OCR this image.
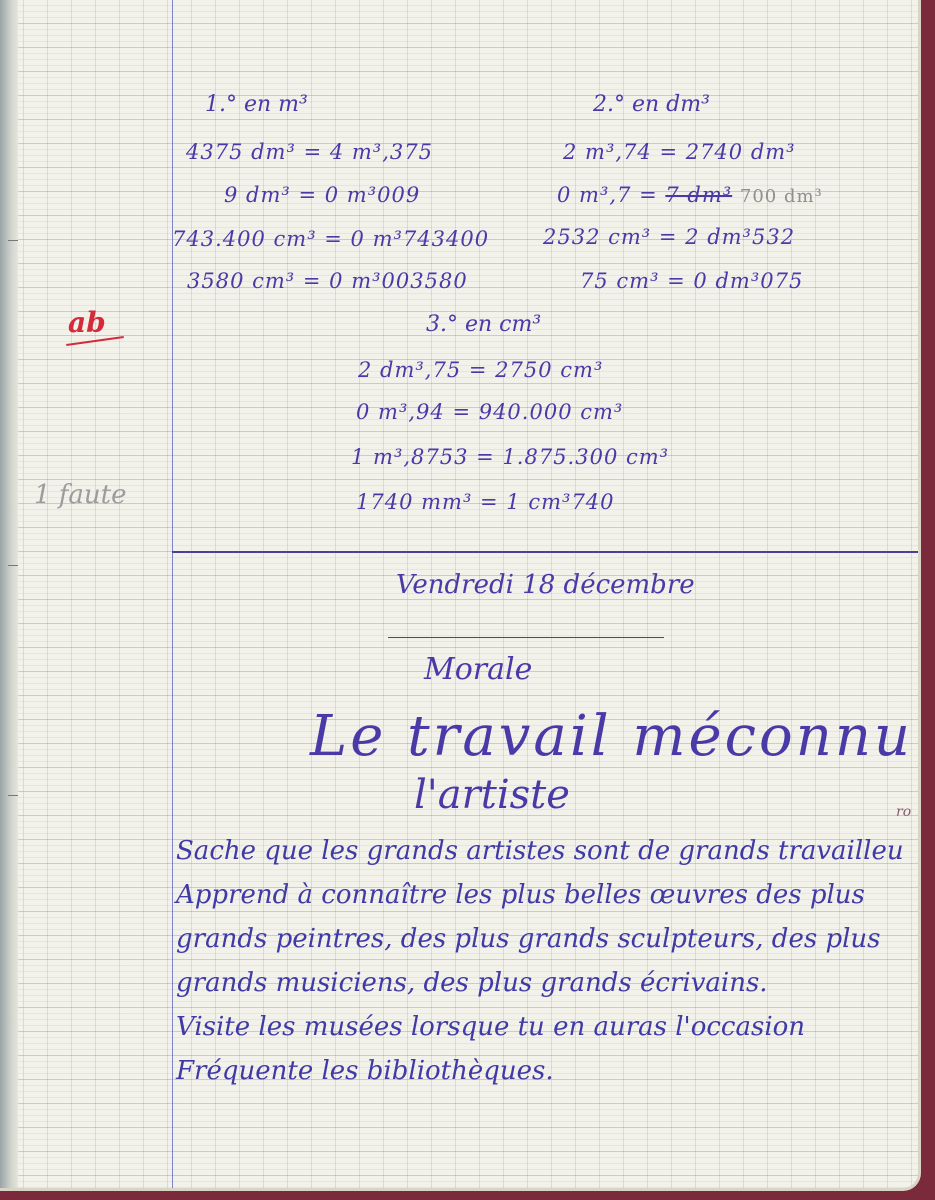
1.° en m³
4375 dm³ = 4 m³,375
9 dm³ = 0 m³009
743.400 cm³ = 0 m³743400
3580 cm³ = 0 m³003580
2.° en dm³
2 m³,74 = 2740 dm³
0 m³,7 = 7 dm³ 700 dm³
2532 cm³ = 2 dm³532
75 cm³ = 0 dm³075
3.° en cm³
2 dm³,75 = 2750 cm³
0 m³,94 = 940.000 cm³
1 m³,8753 = 1.875.300 cm³
1740 mm³ = 1 cm³740
ab
1 faute
Vendredi 18 décembre
Morale
Le travail méconnu
l'artiste	ro
Sache que les grands artistes sont de grands travailleu
Apprend à connaître les plus belles œuvres des plus
grands peintres, des plus grands sculpteurs, des plus
grands musiciens, des plus grands écrivains.
Visite les musées lorsque tu en auras l'occasion
Fréquente les bibliothèques.
